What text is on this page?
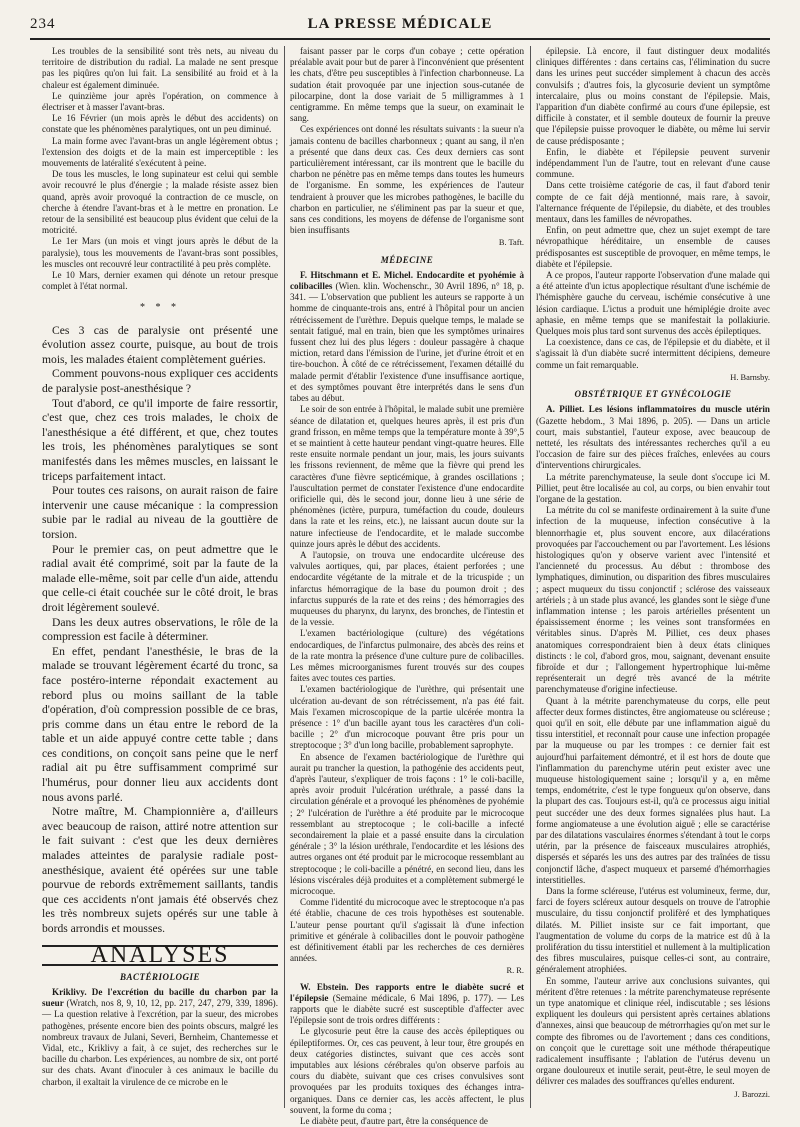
234	LA PRESSE MÉDICALE

Les troubles de la sensibilité sont très nets, au niveau du territoire de distribution du radial. La malade ne sent presque pas les piqûres qu'on lui fait. La sensibilité au froid et à la chaleur est également diminuée.

Le quinzième jour après l'opération, on commence à électriser et à masser l'avant-bras.

Le 16 Février (un mois après le début des accidents) on constate que les phénomènes paralytiques, ont un peu diminué.

La main forme avec l'avant-bras un angle légèrement obtus ; l'extension des doigts et de la main est imperceptible : les mouvements de latéralité s'exécutent à peine.

De tous les muscles, le long supinateur est celui qui semble avoir recouvré le plus d'énergie ; la malade résiste assez bien quand, après avoir provoqué la contraction de ce muscle, on cherche à étendre l'avant-bras et à le mettre en pronation. Le retour de la sensibilité est beaucoup plus évident que celui de la motricité.

Le 1er Mars (un mois et vingt jours après le début de la paralysie), tous les mouvements de l'avant-bras sont possibles, les muscles ont recouvré leur contractilité à peu près complète.

Le 10 Mars, dernier examen qui dénote un retour presque complet à l'état normal.

* * *

Ces 3 cas de paralysie ont présenté une évolution assez courte, puisque, au bout de trois mois, les malades étaient complètement guéries.

Comment pouvons-nous expliquer ces accidents de paralysie post-anesthésique ?

Tout d'abord, ce qu'il importe de faire ressortir, c'est que, chez ces trois malades, le choix de l'anesthésique a été différent, et que, chez toutes les trois, les phénomènes paralytiques se sont manifestés dans les mêmes muscles, en laissant le triceps parfaitement intact.

Pour toutes ces raisons, on aurait raison de faire intervenir une cause mécanique : la compression subie par le radial au niveau de la gouttière de torsion.

Pour le premier cas, on peut admettre que le radial avait été comprimé, soit par la faute de la malade elle-même, soit par celle d'un aide, attendu que celle-ci était couchée sur le côté droit, le bras droit légèrement soulevé.

Dans les deux autres observations, le rôle de la compression est facile à déterminer.

En effet, pendant l'anesthésie, le bras de la malade se trouvant légèrement écarté du tronc, sa face postéro-interne répondait exactement au rebord plus ou moins saillant de la table d'opération, d'où compression possible de ce bras, pris comme dans un étau entre le rebord de la table et un aide appuyé contre cette table ; dans ces conditions, on conçoit sans peine que le nerf radial ait pu être suffisamment comprimé sur l'humérus, pour donner lieu aux accidents dont nous avons parlé.

Notre maître, M. Championnière a, d'ailleurs avec beaucoup de raison, attiré notre attention sur le fait suivant : c'est que les deux dernières malades atteintes de paralysie radiale post-anesthésique, avaient été opérées sur une table pourvue de rebords extrêmement saillants, tandis que ces accidents n'ont jamais été observés chez les très nombreux sujets opérés sur une table à bords arrondis et mousses.

ANALYSES
BACTÉRIOLOGIE

Kriklivy. De l'excrétion du bacille du charbon par la sueur (Wratch, nos 8, 9, 10, 12, pp. 217, 247, 279, 339, 1896). — La question relative à l'excrétion, par la sueur, des microbes pathogènes, présente encore bien des points obscurs, malgré les nombreux travaux de Julani, Severi, Bernheim, Chantemesse et Vidal, etc., Kriklivy a fait, à ce sujet, des recherches sur le bacille du charbon. Les expériences, au nombre de six, ont porté sur des chats. Avant d'inoculer à ces animaux le bacille du charbon, il exaltait la virulence de ce microbe en le

faisant passer par le corps d'un cobaye ; cette opération préalable avait pour but de parer à l'inconvénient que présentent les chats, d'être peu susceptibles à l'infection charbonneuse. La sudation était provoquée par une injection sous-cutanée de pilocarpine, dont la dose variait de 5 milligrammes à 1 centigramme. En même temps que la sueur, on examinait le sang.

Ces expériences ont donné les résultats suivants : la sueur n'a jamais contenu de bacilles charbonneux ; quant au sang, il n'en a présenté que dans deux cas. Ces deux derniers cas sont particulièrement intéressant, car ils montrent que le bacille du charbon ne pénètre pas en même temps dans toutes les humeurs de l'organisme. En somme, les expériences de l'auteur tendraient à prouver que les microbes pathogènes, le bacille du charbon en particulier, ne s'éliminent pas par la sueur et que, sans ces conditions, les moyens de défense de l'organisme sont bien insuffisants

B. Taft.
MÉDECINE

F. Hitschmann et E. Michel. Endocardite et pyohémie à colibacilles (Wien. klin. Wochenschr., 30 Avril 1896, n° 18, p. 341. — L'observation que publient les auteurs se rapporte à un homme de cinquante-trois ans, entré à l'hôpital pour un ancien rétrécissement de l'urèthre. Depuis quelque temps, le malade se sentait fatigué, mal en train, bien que les symptômes urinaires fussent chez lui des plus légers : douleur passagère à chaque miction, retard dans l'émission de l'urine, jet d'urine étroit et en tire-bouchon. À côté de ce rétrécissement, l'examen détaillé du malade permit d'établir l'existence d'une insuffisance aortique, et des symptômes pouvant être interprétés dans le sens d'un tabes au début.

Le soir de son entrée à l'hôpital, le malade subit une première séance de dilatation et, quelques heures après, il est pris d'un grand frisson, en même temps que la température monte à 39°,5 et se maintient à cette hauteur pendant vingt-quatre heures. Elle reste ensuite normale pendant un jour, mais, les jours suivants les frissons reviennent, de même que la fièvre qui prend les caractères d'une fièvre septicémique, à grandes oscillations ; l'auscultation permet de constater l'existence d'une endocardite orificielle qui, dès le second jour, donne lieu à une série de phénomènes (ictère, purpura, tuméfaction du coude, douleurs dans la rate et les reins, etc.), ne laissant aucun doute sur la nature infectieuse de l'endocardite, et le malade succombe quinze jours après le début des accidents.

A l'autopsie, on trouva une endocardite ulcéreuse des valvules aortiques, qui, par places, étaient perforées ; une endocardite végétante de la mitrale et de la tricuspide ; un infarctus hémorragique de la base du poumon droit ; des infarctus suppurés de la rate et des reins ; des hémorragies des muqueuses du pharynx, du larynx, des bronches, de l'intestin et de la vessie.

L'examen bactériologique (culture) des végétations endocardiques, de l'infarctus pulmonaire, des abcès des reins et de la rate montra la présence d'une culture pure de colibacilles. Les mêmes microorganismes furent trouvés sur des coupes faites avec toutes ces parties.

L'examen bactériologique de l'urèthre, qui présentait une ulcération au-devant de son rétrécissement, n'a pas été fait. Mais l'examen microscopique de la partie ulcérée montra la présence : 1° d'un bacille ayant tous les caractères d'un coli-bacille ; 2° d'un microcoque pouvant être pris pour un streptocoque ; 3° d'un long bacille, probablement saprophyte.

En absence de l'examen bactériologique de l'urèthre qui aurait pu trancher la question, la pathogénie des accidents peut, d'après l'auteur, s'expliquer de trois façons : 1° le coli-bacille, après avoir produit l'ulcération uréthrale, a passé dans la circulation générale et a provoqué les phénomènes de pyohémie ; 2° l'ulcération de l'urèthre a été produite par le microcoque ressemblant au streptocoque ; le coli-bacille a infecté secondairement la plaie et a passé ensuite dans la circulation générale ; 3° la lésion uréthrale, l'endocardite et les lésions des autres organes ont été produit par le microcoque ressemblant au streptocoque ; le coli-bacille a pénétré, en second lieu, dans les lésions viscérales déjà produites et a complètement submergé le microcoque.

Comme l'identité du microcoque avec le streptocoque n'a pas été établie, chacune de ces trois hypothèses est soutenable. L'auteur pense pourtant qu'il s'agissait là d'une infection primitive et générale à colibacilles dont le pouvoir pathogène est définitivement établi par les recherches de ces dernières années.

R. R.

W. Ebstein. Des rapports entre le diabète sucré et l'épilepsie (Semaine médicale, 6 Mai 1896, p. 177). — Les rapports que le diabète sucré est susceptible d'affecter avec l'épilepsie sont de trois ordres différents :

Le glycosurie peut être la cause des accès épileptiques ou épileptiformes. Or, ces cas peuvent, à leur tour, être groupés en deux catégories distinctes, suivant que ces accès sont imputables aux lésions cérébrales qu'on observe parfois au cours du diabète, suivant que ces crises convulsives sont provoquées par les produits toxiques des échanges intra-organiques. Dans ce dernier cas, les accès affectent, le plus souvent, la forme du coma ;

Le diabète peut, d'autre part, être la conséquence de

épilepsie. Là encore, il faut distinguer deux modalités cliniques différentes : dans certains cas, l'élimination du sucre dans les urines peut succéder simplement à chacun des accès convulsifs ; d'autres fois, la glycosurie devient un symptôme intercalaire, plus ou moins constant de l'épilepsie. Mais, l'apparition d'un diabète confirmé au cours d'une épilepsie, est difficile à constater, et il semble douteux de fournir la preuve que l'épilepsie puisse provoquer le diabète, ou même lui servir de cause prédisposante ;

Enfin, le diabète et l'épilepsie peuvent survenir indépendamment l'un de l'autre, tout en relevant d'une cause commune.

Dans cette troisième catégorie de cas, il faut d'abord tenir compte de ce fait déjà mentionné, mais rare, à savoir, l'alternance fréquente de l'épilepsie, du diabète, et des troubles mentaux, dans les familles de névropathes.

Enfin, on peut admettre que, chez un sujet exempt de tare névropathique héréditaire, un ensemble de causes prédisposantes est susceptible de provoquer, en même temps, le diabète et l'épilepsie.

A ce propos, l'auteur rapporte l'observation d'une malade qui a été atteinte d'un ictus apoplectique résultant d'une ischémie de l'hémisphère gauche du cerveau, ischémie consécutive à une lésion cardiaque. L'ictus a produit une hémiplégie droite avec aphasie, en même temps que se manifestait la pollakiurie. Quelques mois plus tard sont survenus des accès épileptiques.

La coexistence, dans ce cas, de l'épilepsie et du diabète, et il s'agissait là d'un diabète sucré intermittent décipiens, demeure comme un fait remarquable.

H. Barnsby.
OBSTÉTRIQUE ET GYNÉCOLOGIE

A. Pilliet. Les lésions inflammatoires du muscle utérin (Gazette hebdom., 3 Mai 1896, p. 205). — Dans un article court, mais substantiel, l'auteur expose, avec beaucoup de netteté, les résultats des intéressantes recherches qu'il a eu l'occasion de faire sur des pièces fraîches, enlevées au cours d'interventions chirurgicales.

La métrite parenchymateuse, la seule dont s'occupe ici M. Pilliet, peut être localisée au col, au corps, ou bien envahir tout l'organe de la gestation.

La métrite du col se manifeste ordinairement à la suite d'une infection de la muqueuse, infection consécutive à la blennorrhagie et, plus souvent encore, aux dilacérations provoquées par l'accouchement ou par l'avortement. Les lésions histologiques qu'on y observe varient avec l'intensité et l'ancienneté du processus. Au début : thrombose des lymphatiques, diminution, ou disparition des fibres musculaires ; aspect muqueux du tissu conjonctif ; sclérose des vaisseaux artériels ; à un stade plus avancé, les glandes sont le siège d'une inflammation intense ; les parois artérielles présentent un épaississement énorme ; les veines sont transformées en véritables sinus. D'après M. Pilliet, ces deux phases anatomiques correspondraient bien à deux états cliniques distincts : le col, d'abord gros, mou, saignant, devenant ensuite fibroïde et dur ; l'allongement hypertrophique lui-même représenterait un degré très avancé de la métrite parenchymateuse d'origine infectieuse.

Quant à la métrite parenchymateuse du corps, elle peut affecter deux formes distinctes, être angiomateuse ou scléreuse ; quoi qu'il en soit, elle débute par une inflammation aiguë du tissu interstitiel, et reconnaît pour cause une infection propagée par la muqueuse ou par les trompes : ce dernier fait est aujourd'hui parfaitement démontré, et il est hors de doute que l'inflammation du parenchyme utérin peut exister avec une muqueuse histologiquement saine ; lorsqu'il y a, en même temps, endométrite, c'est le type fongueux qu'on observe, dans la plupart des cas. Toujours est-il, qu'à ce processus aigu initial peut succéder une des deux formes signalées plus haut. La forme angiomateuse a une évolution aiguë ; elle se caractérise par des dilatations vasculaires énormes s'étendant à tout le corps utérin, par la présence de faisceaux musculaires atrophiés, dispersés et séparés les uns des autres par des traînées de tissu conjonctif lâche, d'aspect muqueux et parsemé d'hémorrhagies interstitielles.

Dans la forme scléreuse, l'utérus est volumineux, ferme, dur, farci de foyers scléreux autour desquels on trouve de l'atrophie musculaire, du tissu conjonctif prolifèré et des lymphatiques dilatés. M. Pilliet insiste sur ce fait important, que l'augmentation de volume du corps de la matrice est dû à la prolifération du tissu interstitiel et nullement à la multiplication des fibres musculaires, puisque celles-ci sont, au contraire, généralement atrophiées.

En somme, l'auteur arrive aux conclusions suivantes, qui méritent d'être retenues : la métrite parenchymateuse représente un type anatomique et clinique réel, indiscutable ; ses lésions expliquent les douleurs qui persistent après certaines ablations d'annexes, ainsi que beaucoup de métrorrhagies qu'on met sur le compte des fibromes ou de l'avortement ; dans ces conditions, on conçoit que le curettage soit une méthode thérapeutique radicalement insuffisante ; l'ablation de l'utérus devenu un organe douloureux et inutile serait, peut-être, le seul moyen de délivrer ces malades des souffrances qu'elles endurent.

J. Barozzi.
